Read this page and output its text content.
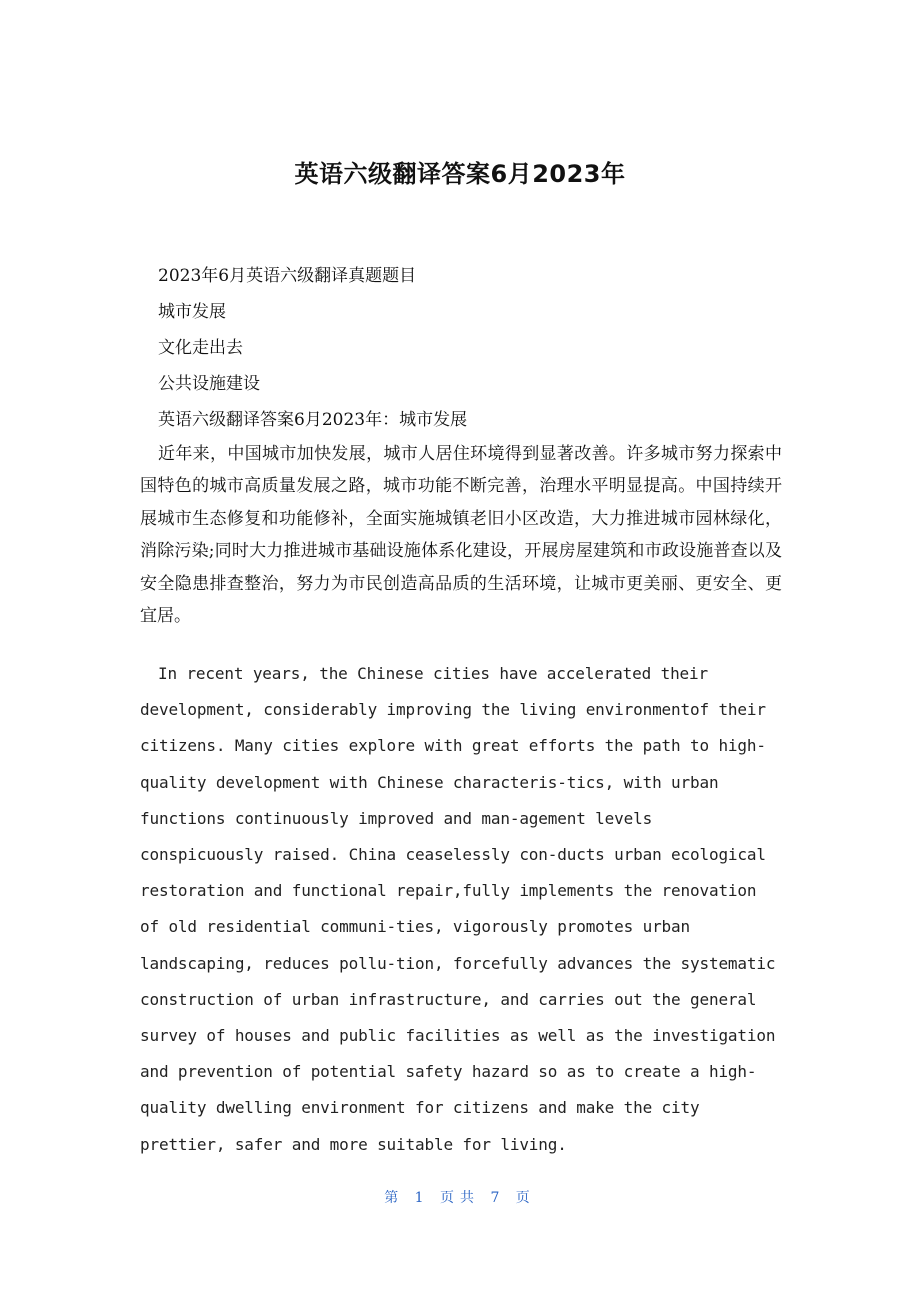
英语六级翻译答案6月2023年
2023年6月英语六级翻译真题题目
城市发展
文化走出去
公共设施建设
英语六级翻译答案6月2023年：城市发展

近年来，中国城市加快发展，城市人居住环境得到显著改善。许多城市努力探索中国特色的城市高质量发展之路，城市功能不断完善，治理水平明显提高。中国持续开展城市生态修复和功能修补，全面实施城镇老旧小区改造，大力推进城市园林绿化，消除污染;同时大力推进城市基础设施体系化建设，开展房屋建筑和市政设施普查以及安全隐患排查整治，努力为市民创造高品质的生活环境，让城市更美丽、更安全、更宜居。

In recent years, the Chinese cities have accelerated their development, considerably improving the living environmentof their citizens. Many cities explore with great efforts the path to high-quality development with Chinese characteris-tics, with urban functions continuously improved and man-agement levels conspicuously raised. China ceaselessly con-ducts urban ecological restoration and functional repair,fully implements the renovation of old residential communi-ties, vigorously promotes urban landscaping, reduces pollu-tion, forcefully advances the systematic construction of urban infrastructure, and carries out the general survey of houses and public facilities as well as the investigation and prevention of potential safety hazard so as to create a high-quality dwelling environment for citizens and make the city prettier, safer and more suitable for living.

第 1 页共 7 页
